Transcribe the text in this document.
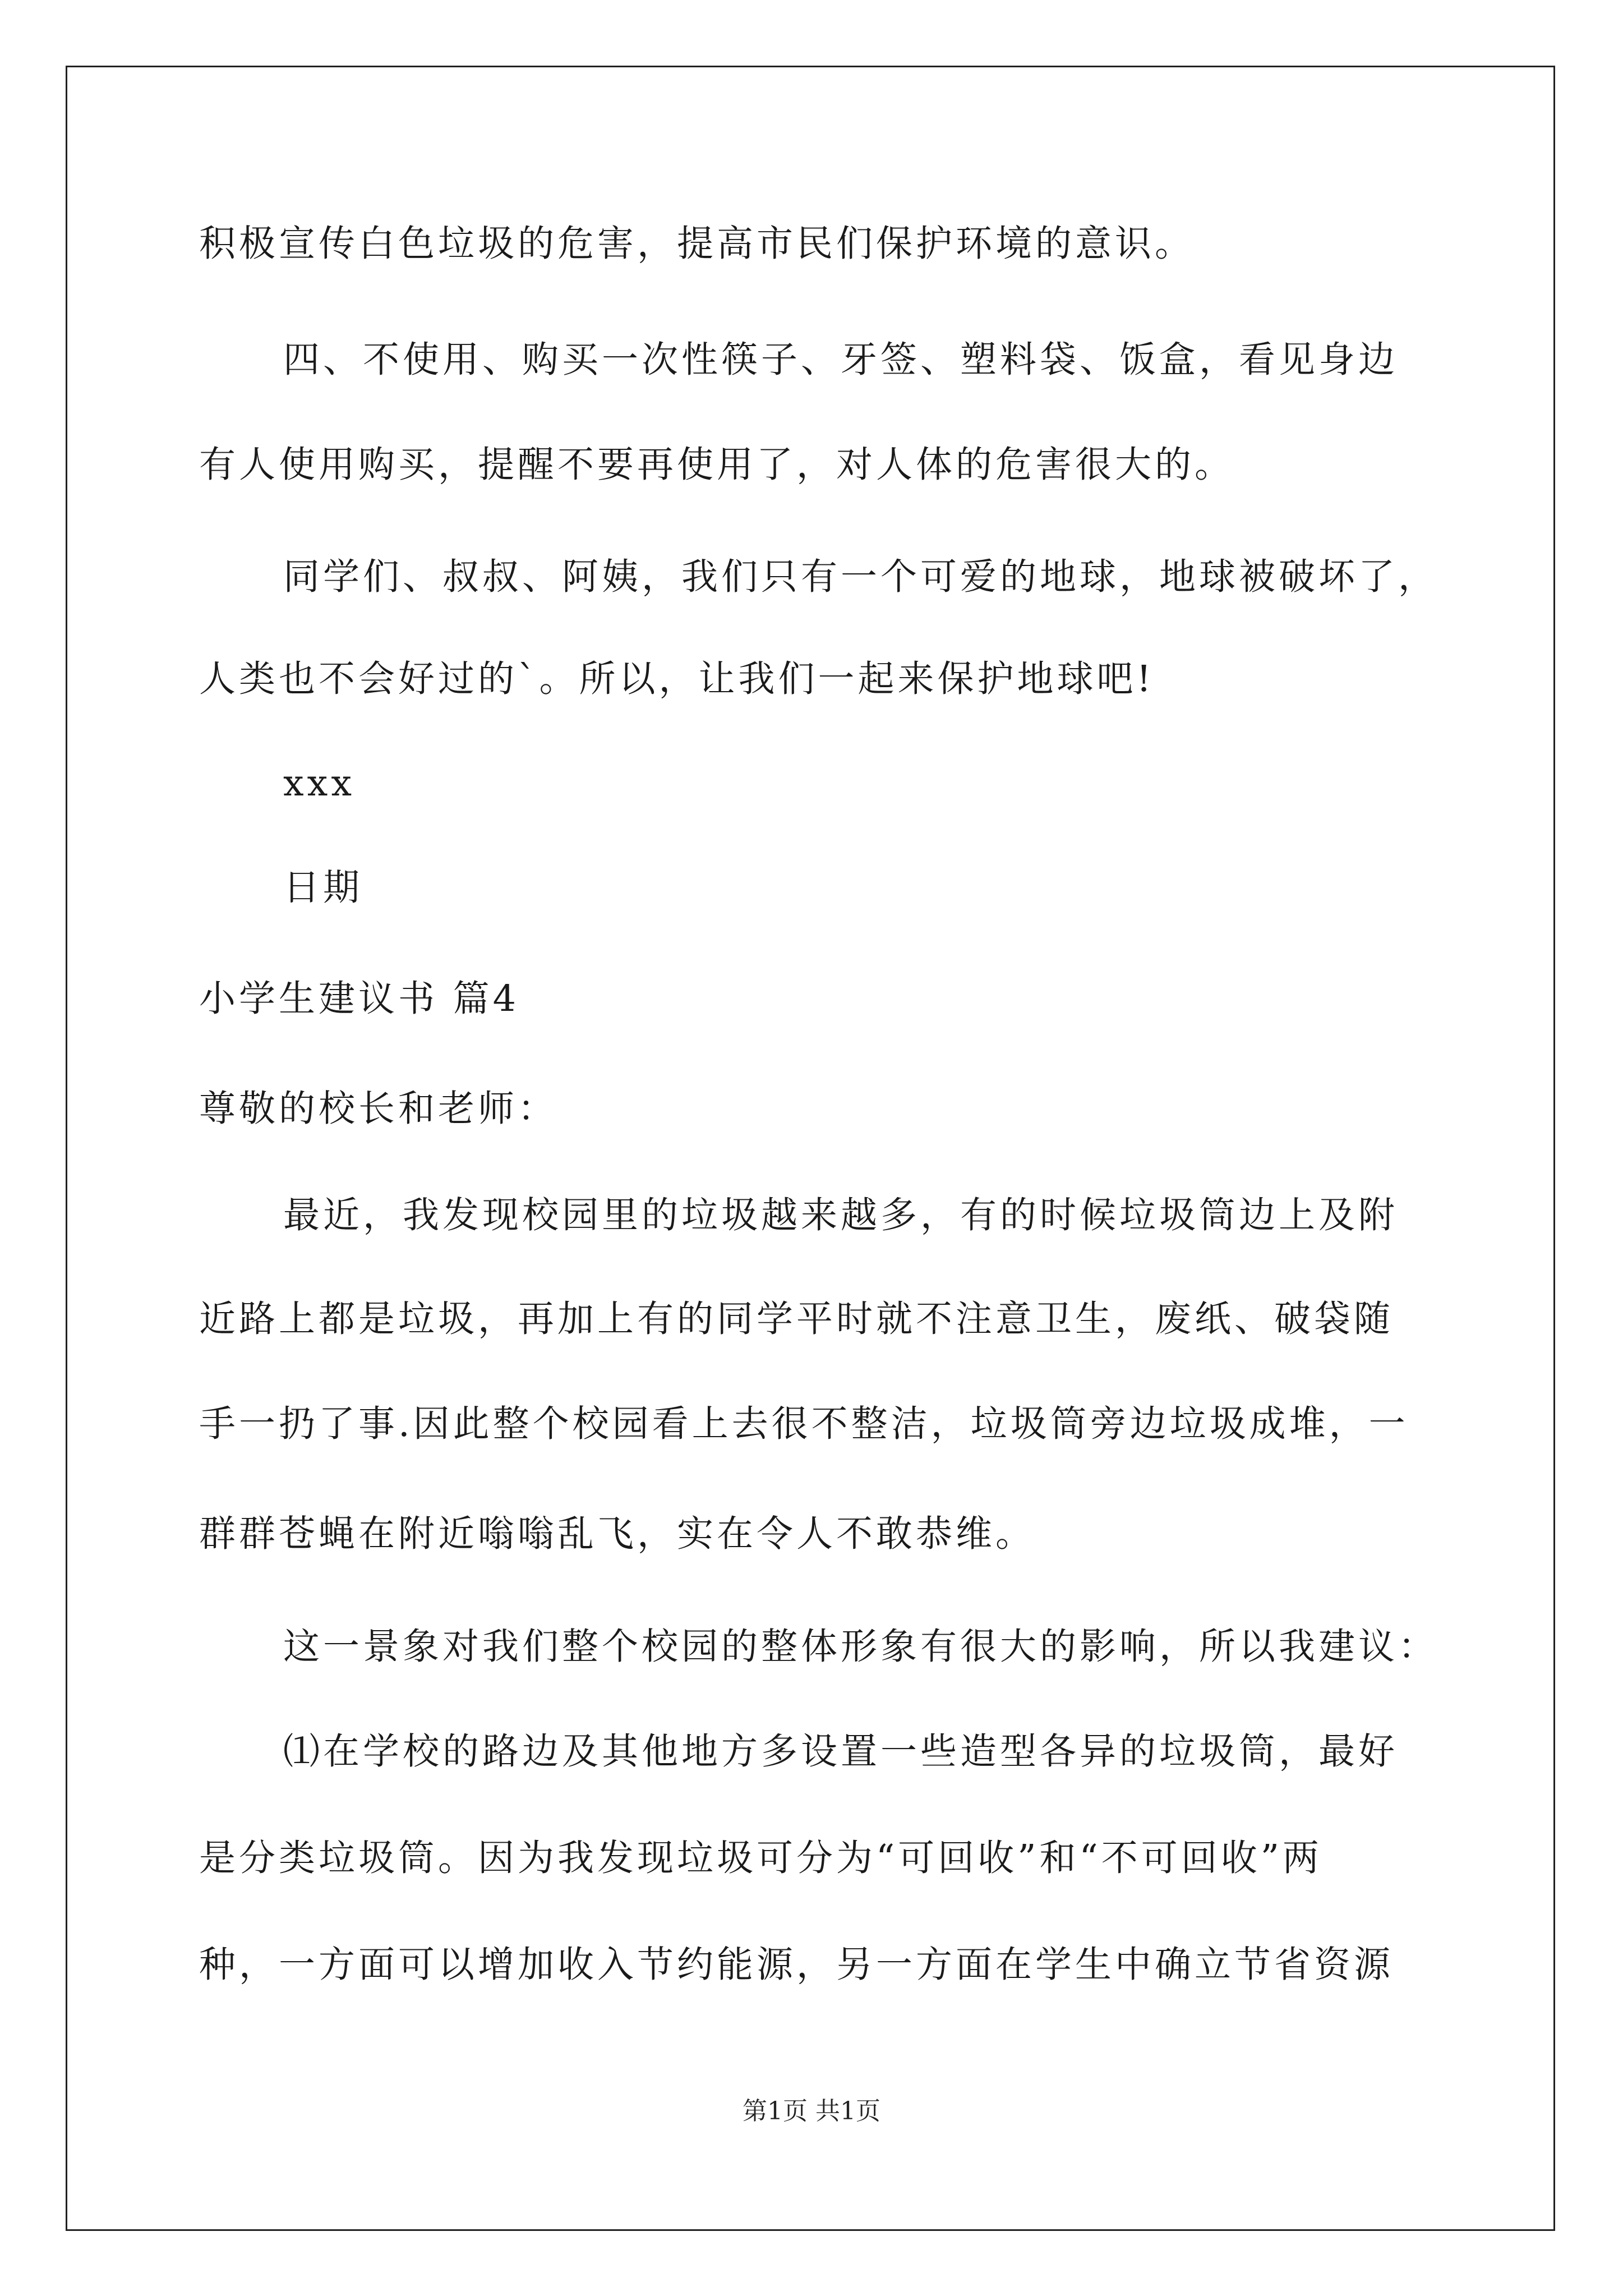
积极宣传白色垃圾的危害，提高市民们保护环境的意识。
四、不使用、购买一次性筷子、牙签、塑料袋、饭盒，看见身边
有人使用购买，提醒不要再使用了，对人体的危害很大的。
同学们、叔叔、阿姨，我们只有一个可爱的地球，地球被破坏了，
人类也不会好过的`。所以，让我们一起来保护地球吧!
xxx
日期
小学生建议书 篇4
尊敬的校长和老师：
最近，我发现校园里的垃圾越来越多，有的时候垃圾筒边上及附
近路上都是垃圾，再加上有的同学平时就不注意卫生，废纸、破袋随
手一扔了事.因此整个校园看上去很不整洁，垃圾筒旁边垃圾成堆，一
群群苍蝇在附近嗡嗡乱飞，实在令人不敢恭维。
这一景象对我们整个校园的整体形象有很大的影响，所以我建议：
⑴在学校的路边及其他地方多设置一些造型各异的垃圾筒，最好
是分类垃圾筒。因为我发现垃圾可分为“可回收”和“不可回收”两
种，一方面可以增加收入节约能源，另一方面在学生中确立节省资源
第1页 共1页
